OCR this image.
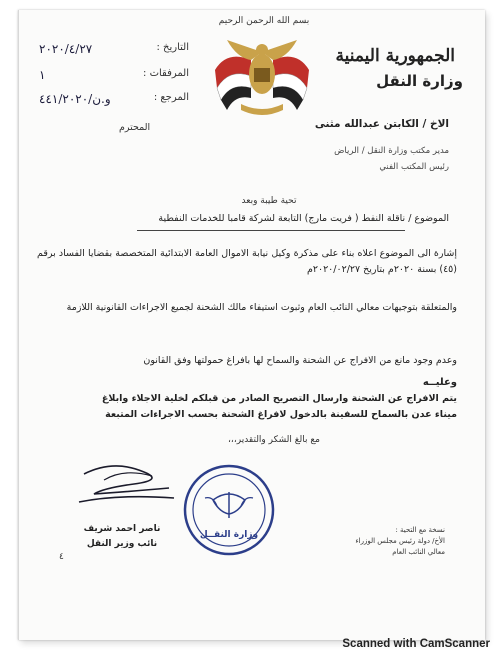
بسم الله الرحمن الرحيم
الجمهورية اليمنية
وزارة النقل
التاريخ :
٢٠٢٠/٤/٢٧
المرفقات :
١
المرجع :
و.ن/٤٤١/٢٠٢٠
المحترم	الاخ / الكابتن عبدالله مثنى
مدير مكتب وزارة النقل / الرياض
رئيس المكتب الفني
تحية طيبة وبعد
الموضوع / ناقلة النفط ( فريت مارج) التابعة لشركة قامبا للخدمات النفطية
إشارة الى الموضوع اعلاه بناء على مذكرة وكيل نيابة الاموال العامة الابتدائية المتخصصة بقضايا الفساد برقم (٤٥) بسنة ٢٠٢٠م بتاريخ ٢٠٢٠/٠٢/٢٧م
والمتعلقة بتوجيهات معالي النائب العام وثبوت استيفاء مالك الشحنة لجميع الاجراءات القانونية اللازمة
وعدم وجود مانع من الافراج عن الشحنة والسماح لها بافراغ حمولتها وفق القانون
وعليــه
يتم الافراج عن الشحنة وارسال التصريح الصادر من قبلكم لخلية الاجلاء وابلاغ
ميناء عدن بالسماح للسفينة بالدخول لافراغ الشحنة بحسب الاجراءات المتبعة
مع بالغ الشكر والتقدير،،،
ناصر احمد شريف
نائب وزير النقل
٤
وزارة النقــل	نسخة مع التحية :
الأخ/ دولة رئيس مجلس الوزراء
معالي النائب العام
Scanned with CamScanner
